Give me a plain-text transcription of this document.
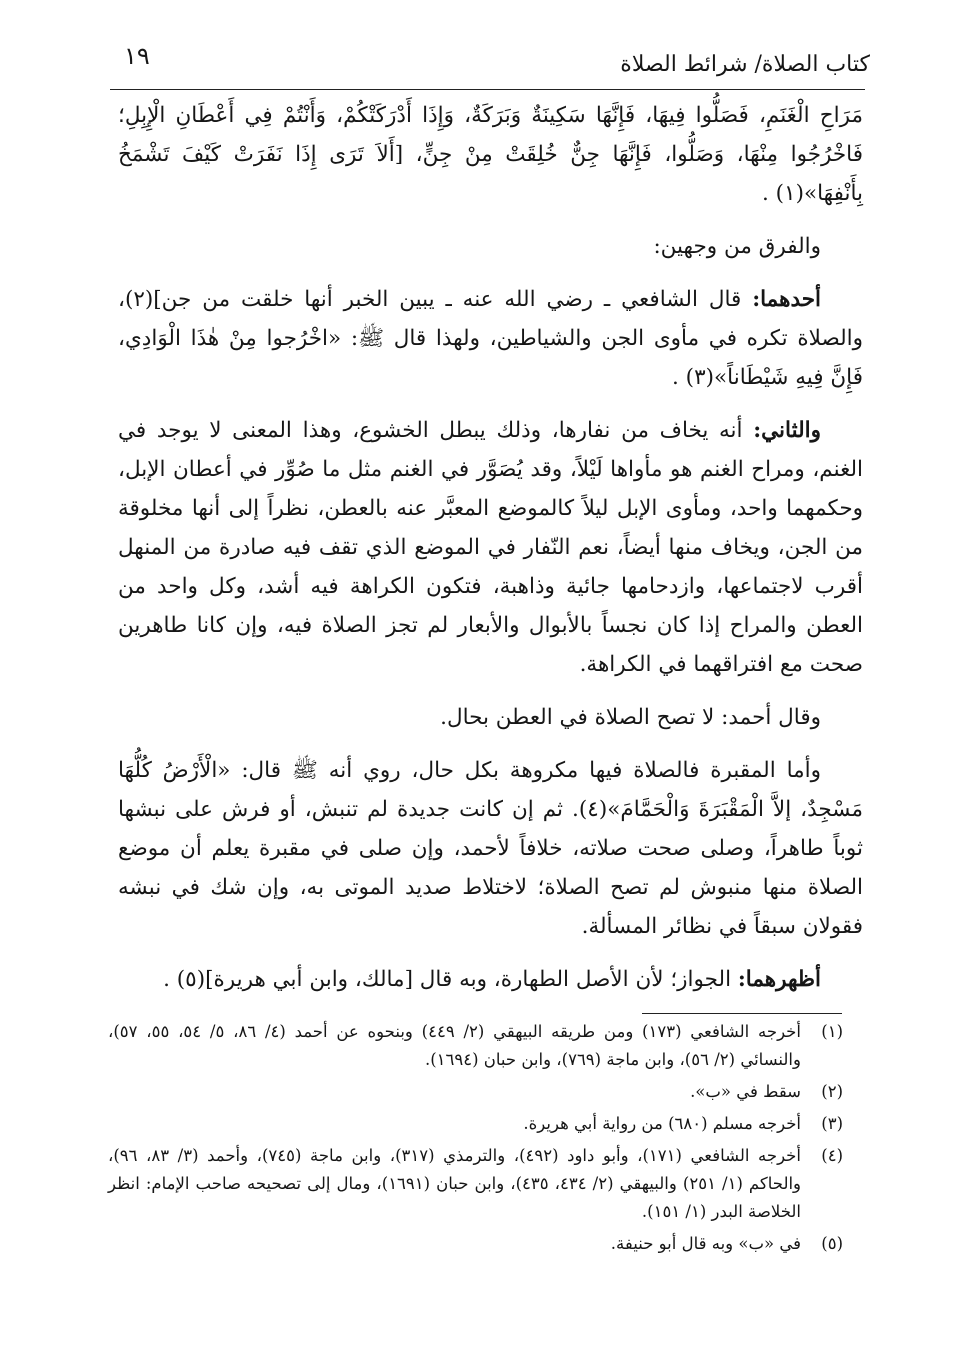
كتاب الصلاة/ شرائط الصلاة
١٩

مَرَاحِ الْغَنَمِ، فَصَلُّوا فِيهَا، فَإِنَّهَا سَكِينَةٌ وَبَرَكَةٌ، وَإِذَا أَدْرَكَتْكُمْ، وَأَنْتُمْ فِي أَعْطَانِ الْإِبِلِ؛ فَاخْرُجُوا مِنْهَا، وَصَلُّوا، فَإِنَّهَا جِنٌّ خُلِقَتْ مِنْ جِنٍّ، [أَلاَ تَرَى إِذَا نَفَرَتْ كَيْفَ تَشْمَخُ بِأَنْفِهَا»(١) .

والفرق من وجهين:

أحدهما: قال الشافعي ـ رضي الله عنه ـ يبين الخبر أنها خلقت من جن](٢)، والصلاة تكره في مأوى الجن والشياطين، ولهذا قال ﷺ: «اخْرُجوا مِنْ هٰذَا الْوَادِي، فَإِنَّ فِيهِ شَيْطَاناً»(٣) .

والثاني: أنه يخاف من نفارها، وذلك يبطل الخشوع، وهذا المعنى لا يوجد في الغنم، ومراح الغنم هو مأواها لَيْلاً، وقد يُصَوَّر في الغنم مثل ما صُوِّر في أعطان الإبل، وحكمهما واحد، ومأوى الإبل ليلاً كالموضع المعبَّر عنه بالعطن، نظراً إلى أنها مخلوقة من الجن، ويخاف منها أيضاً، نعم النّفار في الموضع الذي تقف فيه صادرة من المنهل أقرب لاجتماعها، وازدحامها جائية وذاهبة، فتكون الكراهة فيه أشد، وكل واحد من العطن والمراح إذا كان نجساً بالأبوال والأبعار لم تجز الصلاة فيه، وإن كانا طاهرين صحت مع افتراقهما في الكراهة.

وقال أحمد: لا تصح الصلاة في العطن بحال.

وأما المقبرة فالصلاة فيها مكروهة بكل حال، روي أنه ﷺ قال: «الْأَرْضُ كُلُّهَا مَسْجِدٌ، إلاَّ الْمَقْبَرَةَ وَالْحَمَّامَ»(٤). ثم إن كانت جديدة لم تنبش، أو فرش على نبشها ثوباً طاهراً، وصلى صحت صلاته، خلافاً لأحمد، وإن صلى في مقبرة يعلم أن موضع الصلاة منها منبوش لم تصح الصلاة؛ لاختلاط صديد الموتى به، وإن شك في نبشه فقولان سبقاً في نظائر المسألة.

أظهرهما: الجواز؛ لأن الأصل الطهارة، وبه قال [مالك، وابن أبي هريرة](٥) .

(١)
أخرجه الشافعي (١٧٣) ومن طريقه البيهقي (٢/ ٤٤٩) وبنحوه عن أحمد (٤/ ٨٦، ٥/ ٥٤، ٥٥، ٥٧)، والنسائي (٢/ ٥٦)، وابن ماجة (٧٦٩)، وابن حبان (١٦٩٤).
(٢)
سقط في «ب».
(٣)
أخرجه مسلم (٦٨٠) من رواية أبي هريرة.
(٤)
أخرجه الشافعي (١٧١)، وأبو داود (٤٩٢)، والترمذي (٣١٧)، وابن ماجة (٧٤٥)، وأحمد (٣/ ٨٣، ٩٦)، والحاكم (١/ ٢٥١) والبيهقي (٢/ ٤٣٤، ٤٣٥)، وابن حبان (١٦٩١)، ومال إلى تصحيحه صاحب الإمام: انظر الخلاصة البدر (١/ ١٥١).
(٥)
في «ب» وبه قال أبو حنيفة.
